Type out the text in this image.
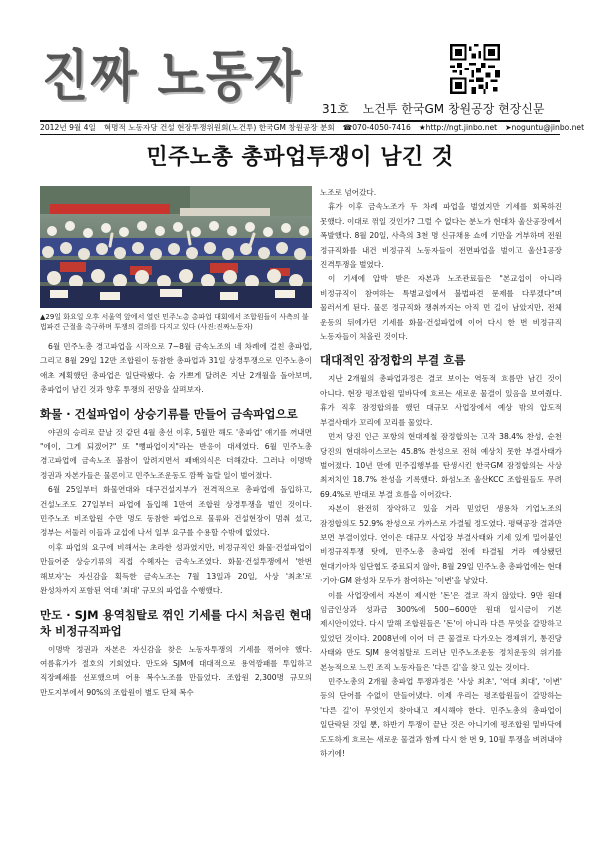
진짜 노동자
31호 노건투 한국GM 창원공장 현장신문
2012년 9월 4일 혁명적 노동자당 건설 현장투쟁위원회(노건투) 한국GM 창원공장 분회 ☎070-4050-7416 ★http://ngt.jinbo.net ➤noguntu@jinbo.net
민주노총 총파업투쟁이 남긴 것
▲29일 화요일 오후 서울역 앞에서 열린 민주노총 총파업 대회에서 조합원들이 사측의 불법파견 근절을 촉구하며 투쟁의 결의를 다지고 있다 (사진:진짜노동자)

6월 민주노총 경고파업을 시작으로 7~8월 금속노조의 네 차례에 걸친 총파업, 그리고 8월 29일 12만 조합원이 동참한 총파업과 31일 상경투쟁으로 민주노총이 애초 계획했던 총파업은 일단락됐다. 숨 가쁘게 달려온 지난 2개월을 돌아보며, 총파업이 남긴 것과 향후 투쟁의 전망을 살펴보자.

화물 · 건설파업이 상승기류를 만들어 금속파업으로

야권의 승리로 끝날 것 같던 4월 총선 이후, 5월만 해도 '총파업' 얘기를 꺼내면 "에이, 그게 되겠어?" 또 "뻥파업이지"라는 반응이 대세였다. 6월 민주노총 경고파업에 금속노조 불참이 알려지면서 패배의식은 더해갔다. 그러나 이명박 정권과 자본가들은 물론이고 민주노조운동도 깜짝 놀랄 일이 벌어졌다.

6월 25일부터 화물연대와 대구건설지부가 전격적으로 총파업에 돌입하고, 건설노조도 27일부터 파업에 돌입해 1만여 조합원 상경투쟁을 벌인 것이다. 민주노조 비조합원 수만 명도 동참한 파업으로 물류와 건설현장이 멈춰 섰고, 정부는 서둘러 이들과 교섭에 나서 일부 요구를 수용할 수밖에 없었다.

이후 파업의 요구에 비해서는 초라한 성과였지만, 비정규직인 화물·건설파업이 만들어준 상승기류의 직접 수혜자는 금속노조였다. 화물·건설투쟁에서 '한번 해보자'는 자신감을 획득한 금속노조는 7월 13일과 20일, 사상 '최초'로 완성차까지 포함된 역대 '최대' 규모의 파업을 수행했다.

만도 · SJM 용역침탈로 꺾인 기세를 다시 처음린 현대차 비정규직파업

이명박 정권과 자본은 자신감을 찾은 노동자투쟁의 기세를 꺾어야 했다. 여름휴가가 절호의 기회였다. 만도와 SJM에 대대적으로 용역깡패를 투입하고 직장폐쇄를 선포했으며 어용 복수노조를 만들었다. 조합원 2,300명 규모의 만도지부에서 90%의 조합원이 별도 단체 복수

노조로 넘어갔다.

휴가 이후 금속노조가 두 차례 파업을 벌였지만 기세를 회복하진 못했다. 이대로 꺾일 것인가? 그럴 수 없다는 분노가 현대차 울산공장에서 폭발했다. 8월 20일, 사측의 3천 명 신규채용 쇼에 기만을 거부하며 전원 정규직화를 내건 비정규직 노동자들이 전면파업을 벌이고 울산1공장 진격투쟁을 벌였다.

이 기세에 압박 받은 자본과 노조관료들은 "본교섭이 아니라 비정규직이 참여하는 특별교섭에서 불법파견 문제를 다루겠다"며 물러서게 된다. 물론 정규직화 쟁취까지는 아직 먼 길이 남았지만, 전체 운동의 뒤에가던 기세를 화물·건설파업에 이어 다시 한 번 비정규직 노동자들이 처올린 것이다.

대대적인 잠정합의 부결 흐름

지난 2개월의 총파업과정은 결코 보이는 역동적 흐름만 남긴 것이 아니다. 현장 평조합원 밑바닥에 흐르는 새로운 물결이 있음을 보여줬다. 휴가 직후 잠정합의를 했던 대규모 사업장에서 예상 밖의 압도적 부결사태가 꼬리에 꼬리를 물었다.

먼저 당진 인근 포항의 현대제철 잠정합의는 고작 38.4% 찬성, 순천 당진의 현대하이스코는 45.8% 찬성으로 전혀 예상치 못한 부결사태가 벌어졌다. 10년 만에 민주집행부를 탄생시킨 한국GM 잠정합의는 사상 최저치인 18.7% 찬성을 기록했다. 화섬노조 울산KCC 조합원들도 무려 69.4%로 반대로 부결 흐름을 이어갔다.

자본이 완전히 장악하고 있을 거라 믿었던 생용차 기업노조의 잠정합의도 52.9% 찬성으로 가까스로 가결될 정도였다. 평택공장 결과만 보면 부결이었다. 연이은 대규모 사업장 부결사태와 기세 있게 밀어붙인 비정규직투쟁 탓에, 민주노총 총파업 전에 타결될 거라 예상됐던 현대기아차 임단협도 중료되지 않아, 8월 29일 민주노총 총파업에는 현대·기아·GM 완성차 모두가 참여하는 '이변'을 낳았다.

이를 사업장에서 자본이 제시한 '돈'은 결코 작지 않았다. 9만 원대 임금인상과 성과금 300%에 500~600만 원대 일시금이 기본 제시안이었다. 다시 말해 조합원들은 '돈'이 아니라 다른 무엇을 갈망하고 있었던 것이다. 2008년에 이어 더 큰 물결로 다가오는 경제위기, 통진당 사태와 만도 SJM 용역침탈로 드러난 민주노조운동 정치운동의 위기를 본능적으로 느낀 조직 노동자들은 '다른 길'을 찾고 있는 것이다.

민주노총의 2개월 총파업 투쟁과정은 '사상 최초', '역대 최대', '이변' 등의 단어를 수없이 만들어냈다. 이제 우리는 평조합원들이 갈망하는 '다른 길'이 무엇인지 찾아내고 제시해야 한다. 민주노총의 총파업이 일단락된 것일 뿐, 하반기 투쟁이 끝난 것은 아니기에 평조합원 밑바닥에 도도하게 흐르는 새로운 물결과 함께 다시 한 번 9, 10월 투쟁을 벼려내야 하기에!
